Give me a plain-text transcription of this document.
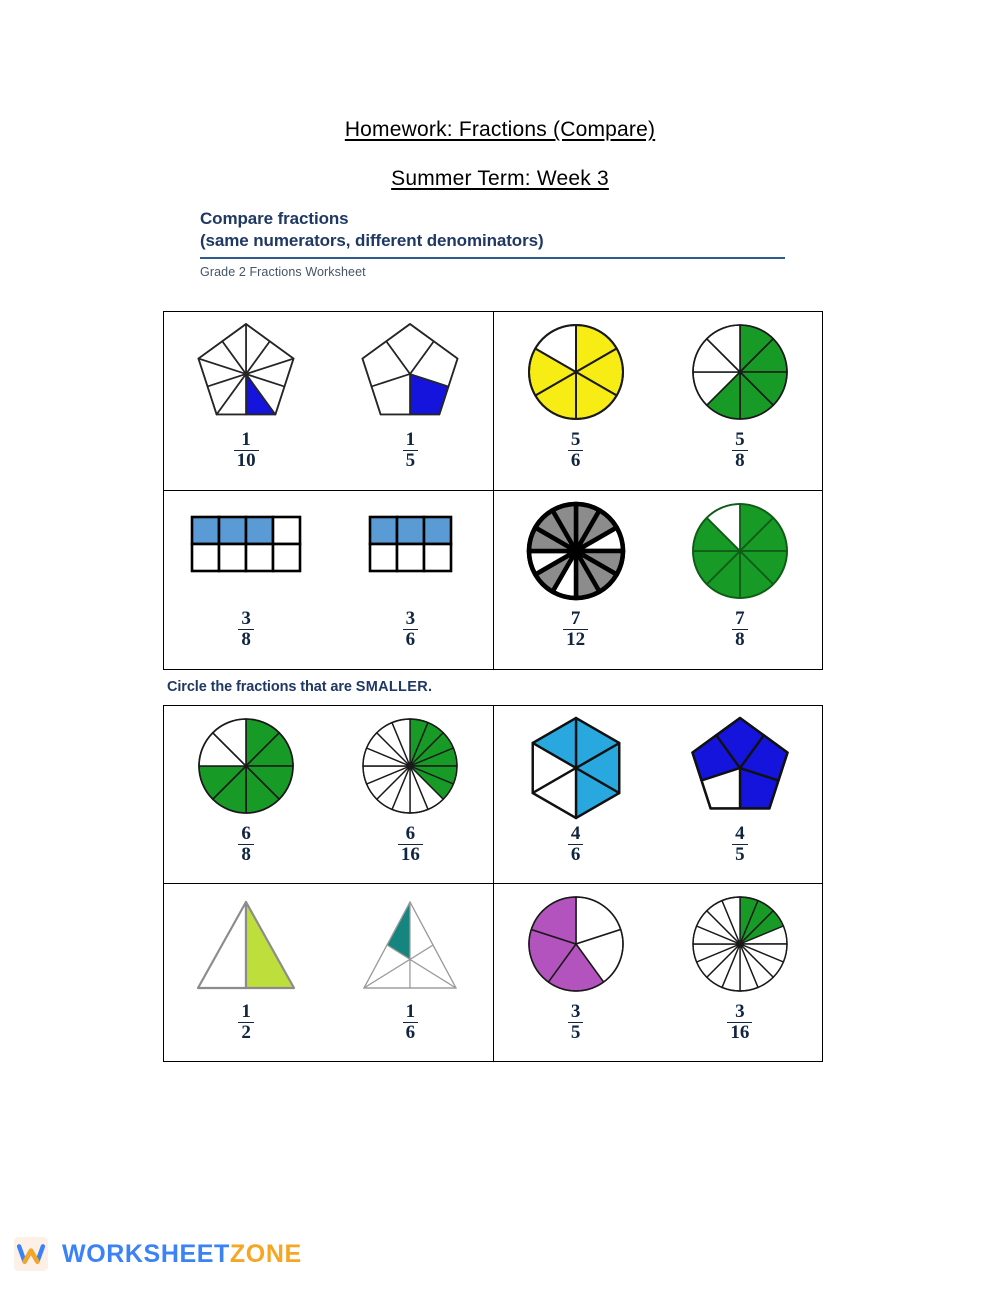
Homework: Fractions (Compare)
Summer Term: Week 3
Compare fractions
(same numerators, different denominators)
Grade 2 Fractions Worksheet
$\frac{1}{10}$	$\frac{1}{5}$	$\frac{5}{6}$	$\frac{5}{8}$

$\frac{3}{8}$	$\frac{3}{6}$	$\frac{7}{12}$	$\frac{7}{8}$
Circle the fractions that are SMALLER.
$\frac{6}{8}$	$\frac{6}{16}$	$\frac{4}{6}$	$\frac{4}{5}$

$\frac{1}{2}$	$\frac{1}{6}$	$\frac{3}{5}$	$\frac{3}{16}$
WORKSHEETZONE
